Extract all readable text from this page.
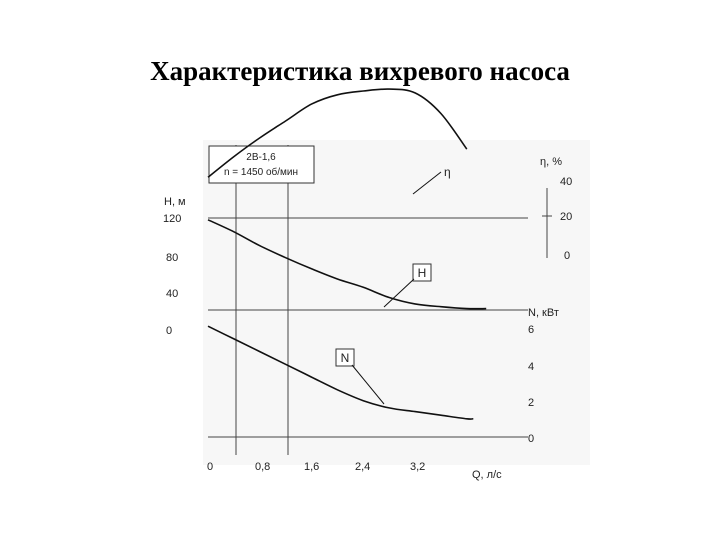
Характеристика вихревого насоса
2В-1,6
n = 1450 об/мин
Н, м
η, %
N, кВт
Q, л/с
0
40
80
120
0
20
40
0
2
4
6
0	0,8	1,6	2,4	3,2
η
Н
N
